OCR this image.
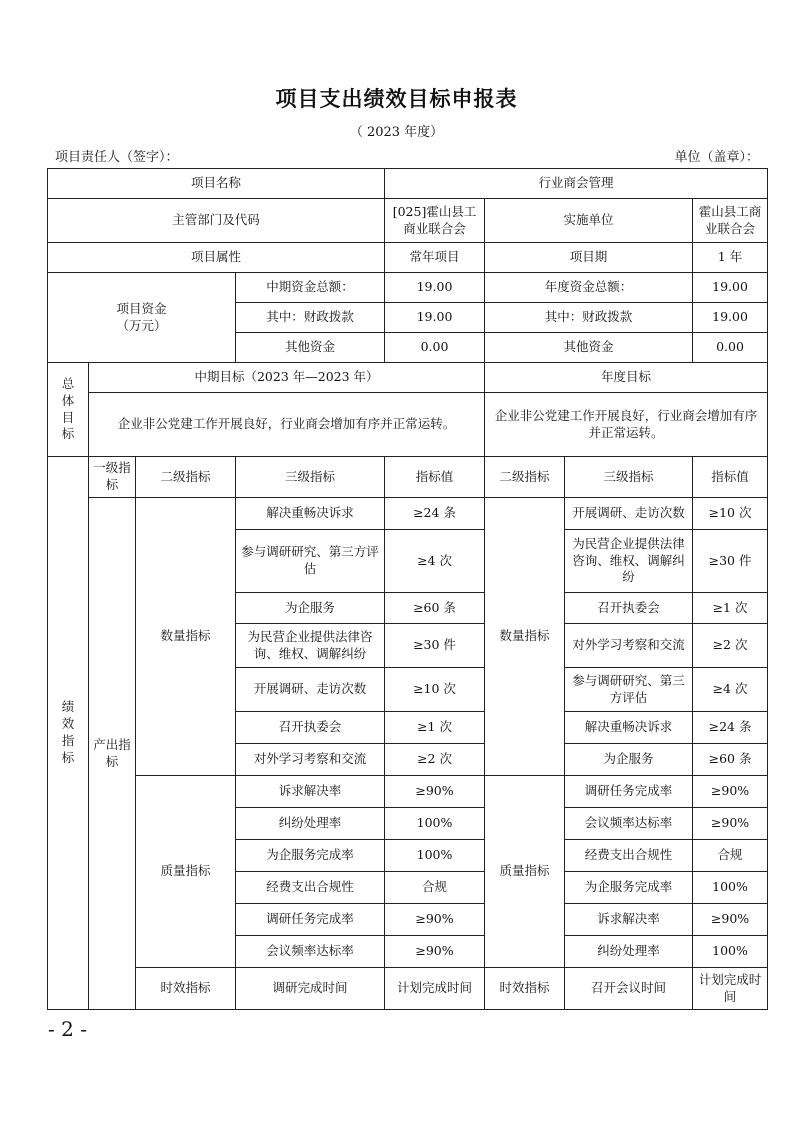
项目支出绩效目标申报表
（ 2023 年度）
项目责任人（签字）：	单位（盖章）：
项目名称				行业商会管理			
主管部门及代码				[025]霍山县工商业联合会	实施单位		霍山县工商业联合会
项目属性				常年项目	项目期		1 年

项目资金
（万元）			中期资金总额：	19.00	年度资金总额：		19.00
			其中：财政拨款	19.00	其中：财政拨款		19.00
			其他资金	0.00	其他资金		0.00

总
体
目
标	中期目标（2023 年—2023 年）				年度目标		
	企业非公党建工作开展良好，行业商会增加有序并正常运转。				企业非公党建工作开展良好，行业商会增加有序并正常运转。		

绩
效
指
标	一级指标	二级指标	三级指标	指标值	二级指标	三级指标	指标值
	产出指标	数量指标	解决重畅决诉求	≥24 条	数量指标	开展调研、走访次数	≥10 次
			参与调研研究、第三方评估	≥4 次		为民营企业提供法律咨询、维权、调解纠纷	≥30 件
			为企服务	≥60 条		召开执委会	≥1 次
			为民营企业提供法律咨询、维权、调解纠纷	≥30 件		对外学习考察和交流	≥2 次
			开展调研、走访次数	≥10 次		参与调研研究、第三方评估	≥4 次
			召开执委会	≥1 次		解决重畅决诉求	≥24 条
			对外学习考察和交流	≥2 次		为企服务	≥60 条
		质量指标	诉求解决率	≥90%	质量指标	调研任务完成率	≥90%
			纠纷处理率	100%		会议频率达标率	≥90%
			为企服务完成率	100%		经费支出合规性	合规
			经费支出合规性	合规		为企服务完成率	100%
			调研任务完成率	≥90%		诉求解决率	≥90%
			会议频率达标率	≥90%		纠纷处理率	100%
		时效指标	调研完成时间	计划完成时间	时效指标	召开会议时间	计划完成时间
- 2 -
